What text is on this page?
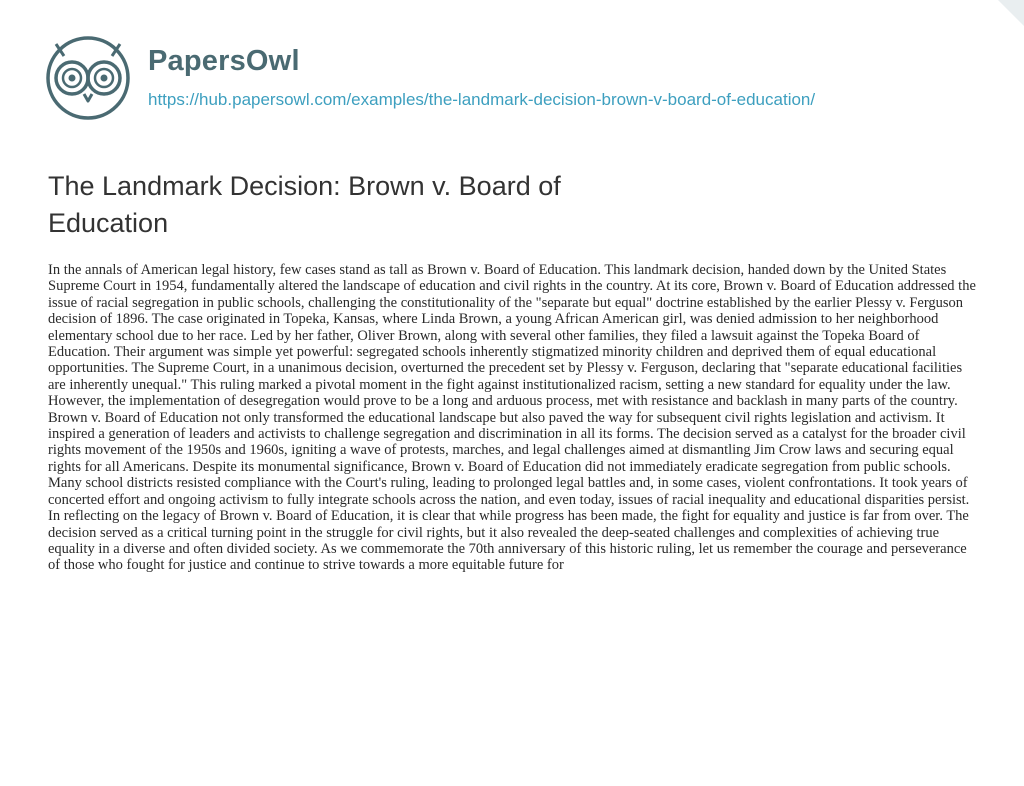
PapersOwl
https://hub.papersowl.com/examples/the-landmark-decision-brown-v-board-of-education/
The Landmark Decision: Brown v. Board of Education

In the annals of American legal history, few cases stand as tall as Brown v. Board of Education. This landmark decision, handed down by the United States Supreme Court in 1954, fundamentally altered the landscape of education and civil rights in the country. At its core, Brown v. Board of Education addressed the issue of racial segregation in public schools, challenging the constitutionality of the "separate but equal" doctrine established by the earlier Plessy v. Ferguson decision of 1896. The case originated in Topeka, Kansas, where Linda Brown, a young African American girl, was denied admission to her neighborhood elementary school due to her race. Led by her father, Oliver Brown, along with several other families, they filed a lawsuit against the Topeka Board of Education. Their argument was simple yet powerful: segregated schools inherently stigmatized minority children and deprived them of equal educational opportunities. The Supreme Court, in a unanimous decision, overturned the precedent set by Plessy v. Ferguson, declaring that "separate educational facilities are inherently unequal." This ruling marked a pivotal moment in the fight against institutionalized racism, setting a new standard for equality under the law. However, the implementation of desegregation would prove to be a long and arduous process, met with resistance and backlash in many parts of the country. Brown v. Board of Education not only transformed the educational landscape but also paved the way for subsequent civil rights legislation and activism. It inspired a generation of leaders and activists to challenge segregation and discrimination in all its forms. The decision served as a catalyst for the broader civil rights movement of the 1950s and 1960s, igniting a wave of protests, marches, and legal challenges aimed at dismantling Jim Crow laws and securing equal rights for all Americans. Despite its monumental significance, Brown v. Board of Education did not immediately eradicate segregation from public schools. Many school districts resisted compliance with the Court's ruling, leading to prolonged legal battles and, in some cases, violent confrontations. It took years of concerted effort and ongoing activism to fully integrate schools across the nation, and even today, issues of racial inequality and educational disparities persist. In reflecting on the legacy of Brown v. Board of Education, it is clear that while progress has been made, the fight for equality and justice is far from over. The decision served as a critical turning point in the struggle for civil rights, but it also revealed the deep-seated challenges and complexities of achieving true equality in a diverse and often divided society. As we commemorate the 70th anniversary of this historic ruling, let us remember the courage and perseverance of those who fought for justice and continue to strive towards a more equitable future for
